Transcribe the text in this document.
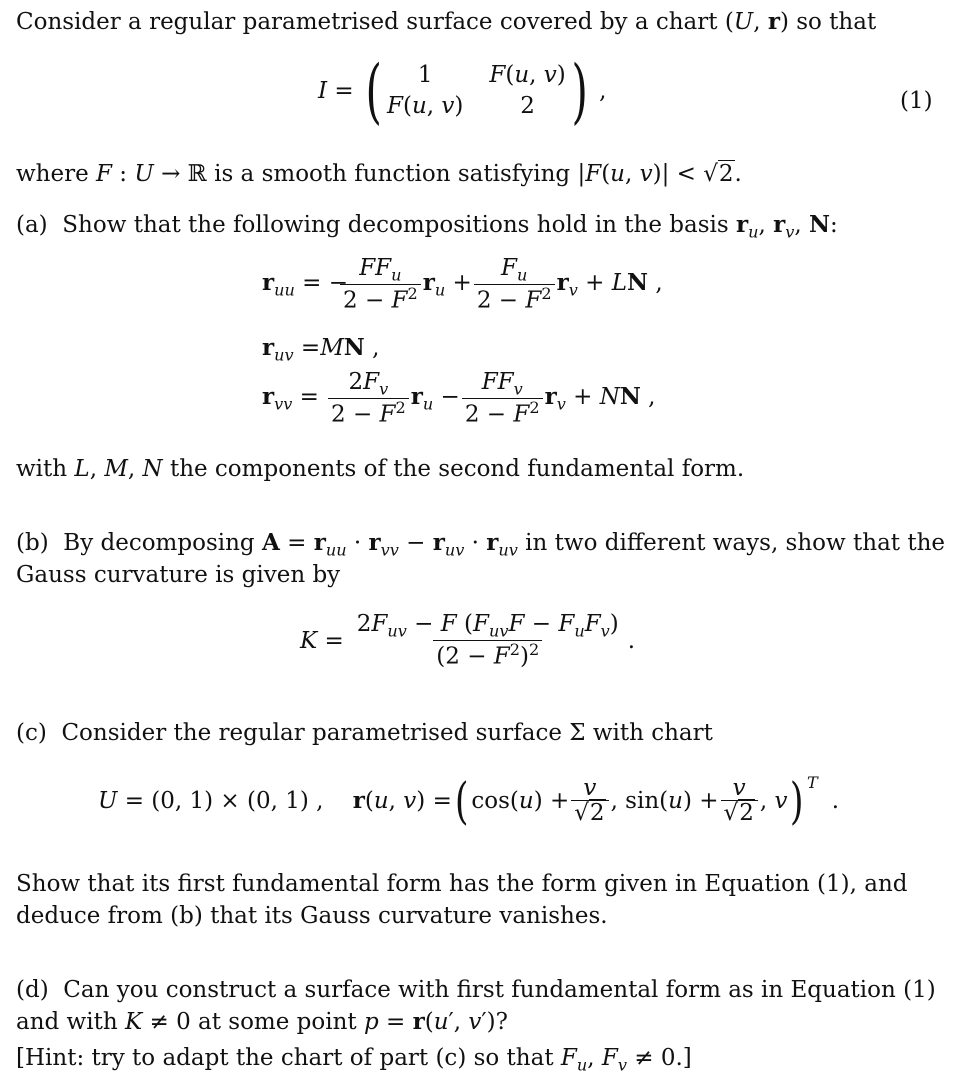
Consider a regular parametrised surface covered by a chart (U, r) so that
I = (	1	F(u, v)
F(u, v)	2 ) ,	(1)
where F : U → ℝ is a smooth function satisfying |F(u, v)| < √2.
(a)  Show that the following decompositions hold in the basis $r_u$, $r_v$, N:
$r_{uu}$ = −
$\frac{FF_u}{2 - F^2} r_u + \frac{F_u}{2 - F^2} r_v$ + LN ,
$r_{uv} =MN$ ,
$r_{vv} = \frac{2F_v}{2 - F^2} r_u - \frac{FF_v}{2 - F^2} r_v$ + NN ,
with L, M, N the components of the second fundamental form.
(b)  By decomposing $A = r_{uu} \cdot r_{vv} - r_{uv} \cdot r_{uv}$ in two different ways, show that the
Gauss curvature is given by
$K = \frac{2F_{uv} - F (F_{uv}F - F_uF_v)}{(2 - F^2)^2}$ .
(c)  Consider the regular parametrised surface Σ with chart
U = (0, 1) × (0, 1) ,    r(u, v) = ( $\cos(u) + \frac{v}{√2}$ , $\sin(u) + \frac{v}{√2}$ , v ) $^T$
.
Show that its first fundamental form has the form given in Equation (1), and
deduce from (b) that its Gauss curvature vanishes.
(d)  Can you construct a surface with first fundamental form as in Equation (1)
and with K ≠ 0 at some point p = r(u′, v′)?
[Hint: try to adapt the chart of part (c) so that $F_u$, $F_v \ne 0$.]
